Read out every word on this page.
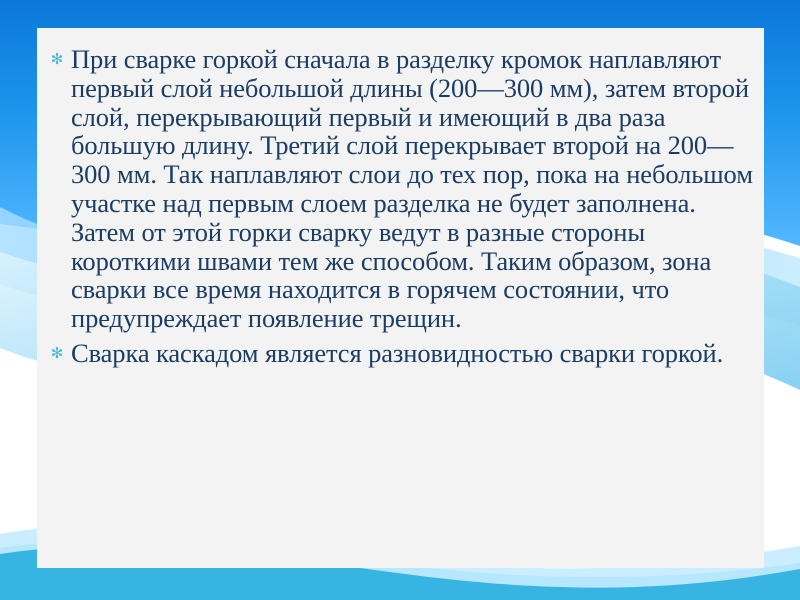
✻ При сварке горкой сначала в разделку кромок наплавляют первый слой небольшой длины (200—300 мм), затем второй слой, перекрывающий первый и имеющий в два раза большую длину. Третий слой перекрывает второй на 200—300 мм. Так наплавляют слои до тех пор, пока на небольшом участке над первым слоем разделка не будет заполнена. Затем от этой горки сварку ведут в разные стороны короткими швами тем же способом. Таким образом, зона сварки все время находится в горячем состоянии, что предупреждает появление трещин.
✻ Сварка каскадом является разновидностью сварки горкой.
